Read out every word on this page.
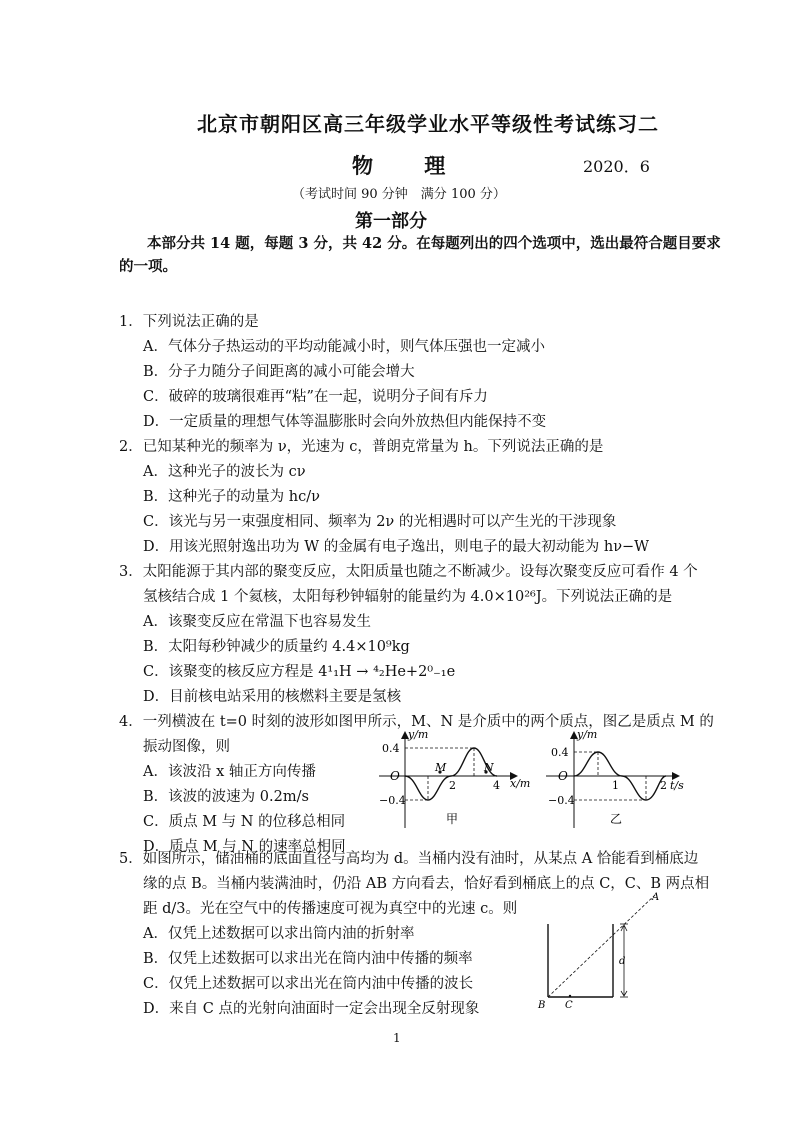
北京市朝阳区高三年级学业水平等级性考试练习二
物 理	2020．6
（考试时间 90 分钟　满分 100 分）
第一部分
本部分共 14 题，每题 3 分，共 42 分。在每题列出的四个选项中，选出最符合题目要求
的一项。
1．下列说法正确的是
A．气体分子热运动的平均动能减小时，则气体压强也一定减小
B．分子力随分子间距离的减小可能会增大
C．破碎的玻璃很难再“粘”在一起，说明分子间有斥力
D．一定质量的理想气体等温膨胀时会向外放热但内能保持不变
2．已知某种光的频率为 ν，光速为 c，普朗克常量为 h。下列说法正确的是
A．这种光子的波长为 cν
B．这种光子的动量为 hc/ν
C．该光与另一束强度相同、频率为 2ν 的光相遇时可以产生光的干涉现象
D．用该光照射逸出功为 W 的金属有电子逸出，则电子的最大初动能为 hν−W
3．太阳能源于其内部的聚变反应，太阳质量也随之不断减少。设每次聚变反应可看作 4 个
氢核结合成 1 个氦核，太阳每秒钟辐射的能量约为 4.0×10²⁶J。下列说法正确的是
A．该聚变反应在常温下也容易发生
B．太阳每秒钟减少的质量约 4.4×10⁹kg
C．该聚变的核反应方程是 4¹₁H → ⁴₂He+2⁰₋₁e
D．目前核电站采用的核燃料主要是氢核
4．一列横波在 t=0 时刻的波形如图甲所示，M、N 是介质中的两个质点，图乙是质点 M 的
振动图像，则
A．该波沿 x 轴正方向传播
B．该波的波速为 0.2m/s
C．质点 M 与 N 的位移总相同
D．质点 M 与 N 的速率总相同
y/m
0.4
−0.4
O
2	4 x/m
M	N
甲
y/m
0.4
−0.4
O
1	2 t/s
乙
5．如图所示，储油桶的底面直径与高均为 d。当桶内没有油时，从某点 A 恰能看到桶底边
缘的点 B。当桶内装满油时，仍沿 AB 方向看去，恰好看到桶底上的点 C，C、B 两点相
距 d/3。光在空气中的传播速度可视为真空中的光速 c。则
A．仅凭上述数据可以求出筒内油的折射率
B．仅凭上述数据可以求出光在筒内油中传播的频率
C．仅凭上述数据可以求出光在筒内油中传播的波长
D．来自 C 点的光射向油面时一定会出现全反射现象
A
B C
d
1
